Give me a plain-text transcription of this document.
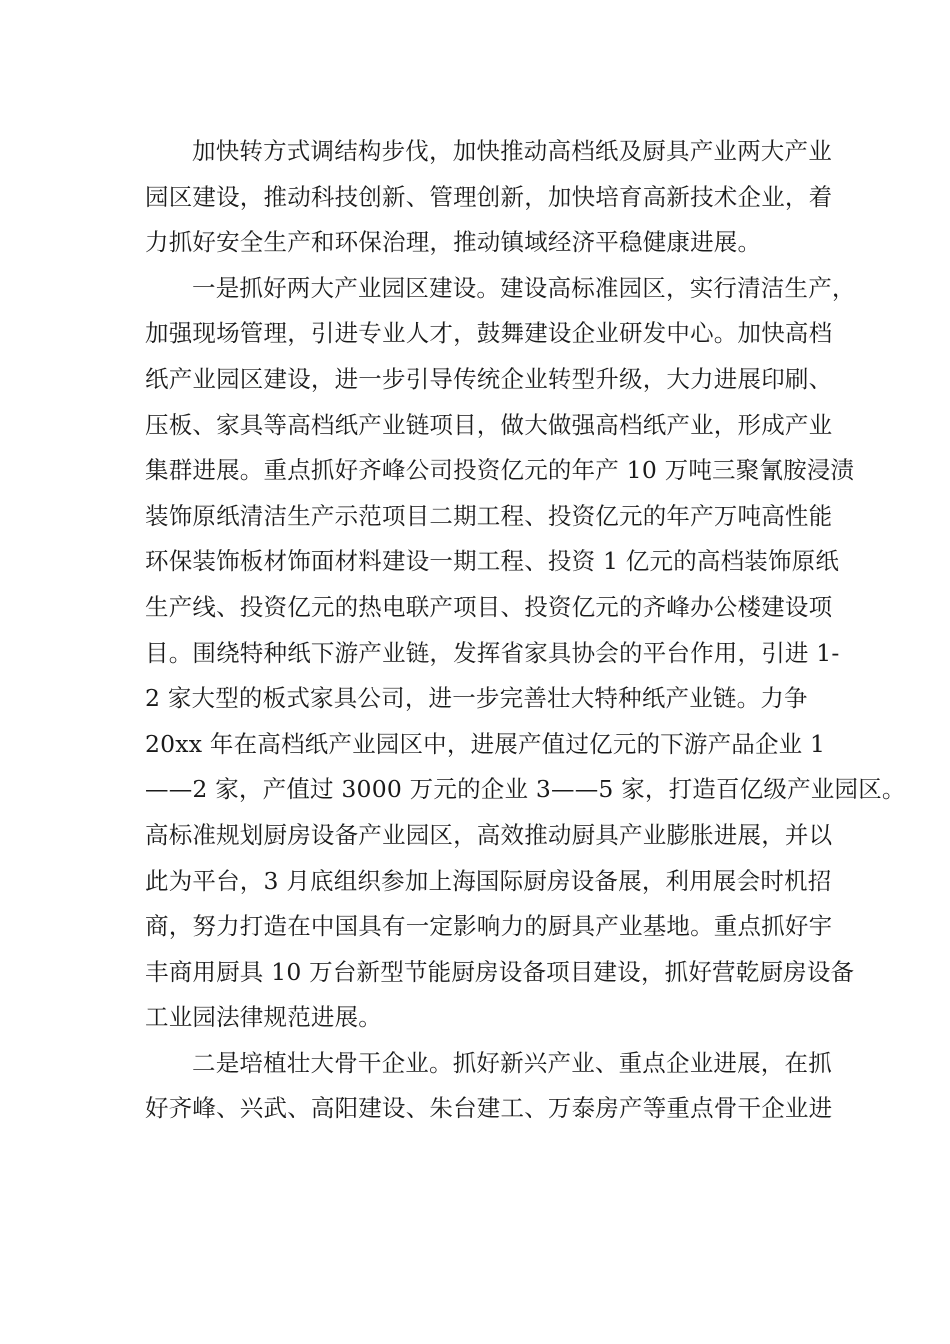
加快转方式调结构步伐，加快推动高档纸及厨具产业两大产业
园区建设，推动科技创新、管理创新，加快培育高新技术企业，着
力抓好安全生产和环保治理，推动镇域经济平稳健康进展。
一是抓好两大产业园区建设。建设高标准园区，实行清洁生产，
加强现场管理，引进专业人才，鼓舞建设企业研发中心。加快高档
纸产业园区建设，进一步引导传统企业转型升级，大力进展印刷、
压板、家具等高档纸产业链项目，做大做强高档纸产业，形成产业
集群进展。重点抓好齐峰公司投资亿元的年产 10 万吨三聚氰胺浸渍
装饰原纸清洁生产示范项目二期工程、投资亿元的年产万吨高性能
环保装饰板材饰面材料建设一期工程、投资 1 亿元的高档装饰原纸
生产线、投资亿元的热电联产项目、投资亿元的齐峰办公楼建设项
目。围绕特种纸下游产业链，发挥省家具协会的平台作用，引进 1-
2 家大型的板式家具公司，进一步完善壮大特种纸产业链。力争
20xx 年在高档纸产业园区中，进展产值过亿元的下游产品企业 1
——2 家，产值过 3000 万元的企业 3——5 家，打造百亿级产业园区。
高标准规划厨房设备产业园区，高效推动厨具产业膨胀进展，并以
此为平台，3 月底组织参加上海国际厨房设备展，利用展会时机招
商，努力打造在中国具有一定影响力的厨具产业基地。重点抓好宇
丰商用厨具 10 万台新型节能厨房设备项目建设，抓好营乾厨房设备
工业园法律规范进展。
二是培植壮大骨干企业。抓好新兴产业、重点企业进展，在抓
好齐峰、兴武、高阳建设、朱台建工、万泰房产等重点骨干企业进
